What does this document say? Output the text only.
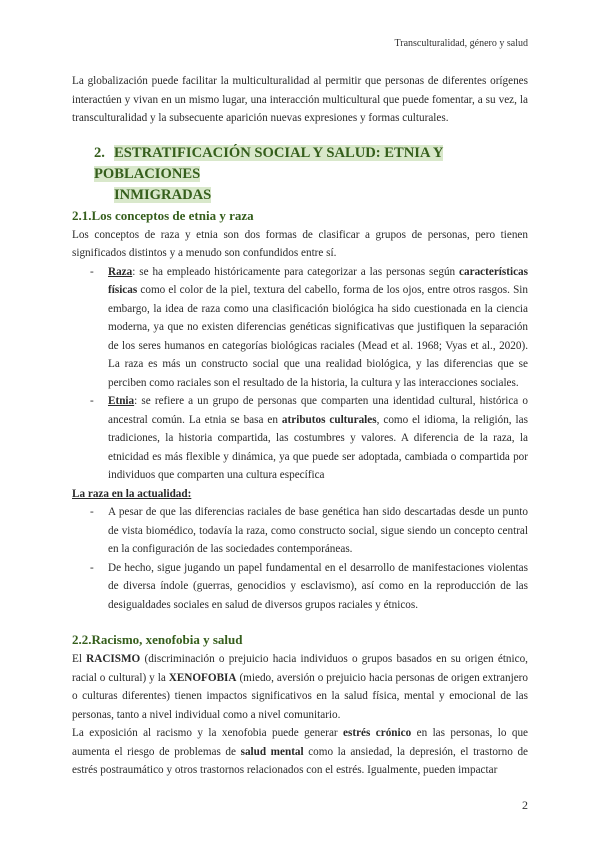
Transculturalidad, género y salud

La globalización puede facilitar la multiculturalidad al permitir que personas de diferentes orígenes interactúen y vivan en un mismo lugar, una interacción multicultural que puede fomentar, a su vez, la transculturalidad y la subsecuente aparición nuevas expresiones y formas culturales.

2. ESTRATIFICACIÓN SOCIAL Y SALUD: ETNIA Y POBLACIONES
INMIGRADAS
2.1.Los conceptos de etnia y raza

Los conceptos de raza y etnia son dos formas de clasificar a grupos de personas, pero tienen significados distintos y a menudo son confundidos entre sí.

- Raza: se ha empleado históricamente para categorizar a las personas según características físicas como el color de la piel, textura del cabello, forma de los ojos, entre otros rasgos. Sin embargo, la idea de raza como una clasificación biológica ha sido cuestionada en la ciencia moderna, ya que no existen diferencias genéticas significativas que justifiquen la separación de los seres humanos en categorías biológicas raciales (Mead et al. 1968; Vyas et al., 2020). La raza es más un constructo social que una realidad biológica, y las diferencias que se perciben como raciales son el resultado de la historia, la cultura y las interacciones sociales.
- Etnia: se refiere a un grupo de personas que comparten una identidad cultural, histórica o ancestral común. La etnia se basa en atributos culturales, como el idioma, la religión, las tradiciones, la historia compartida, las costumbres y valores. A diferencia de la raza, la etnicidad es más flexible y dinámica, ya que puede ser adoptada, cambiada o compartida por individuos que comparten una cultura específica

La raza en la actualidad:

- A pesar de que las diferencias raciales de base genética han sido descartadas desde un punto de vista biomédico, todavía la raza, como constructo social, sigue siendo un concepto central en la configuración de las sociedades contemporáneas.
- De hecho, sigue jugando un papel fundamental en el desarrollo de manifestaciones violentas de diversa índole (guerras, genocidios y esclavismo), así como en la reproducción de las desigualdades sociales en salud de diversos grupos raciales y étnicos.
2.2.Racismo, xenofobia y salud

El RACISMO (discriminación o prejuicio hacia individuos o grupos basados en su origen étnico, racial o cultural) y la XENOFOBIA (miedo, aversión o prejuicio hacia personas de origen extranjero o culturas diferentes) tienen impactos significativos en la salud física, mental y emocional de las personas, tanto a nivel individual como a nivel comunitario.

La exposición al racismo y la xenofobia puede generar estrés crónico en las personas, lo que aumenta el riesgo de problemas de salud mental como la ansiedad, la depresión, el trastorno de estrés postraumático y otros trastornos relacionados con el estrés. Igualmente, pueden impactar

2
